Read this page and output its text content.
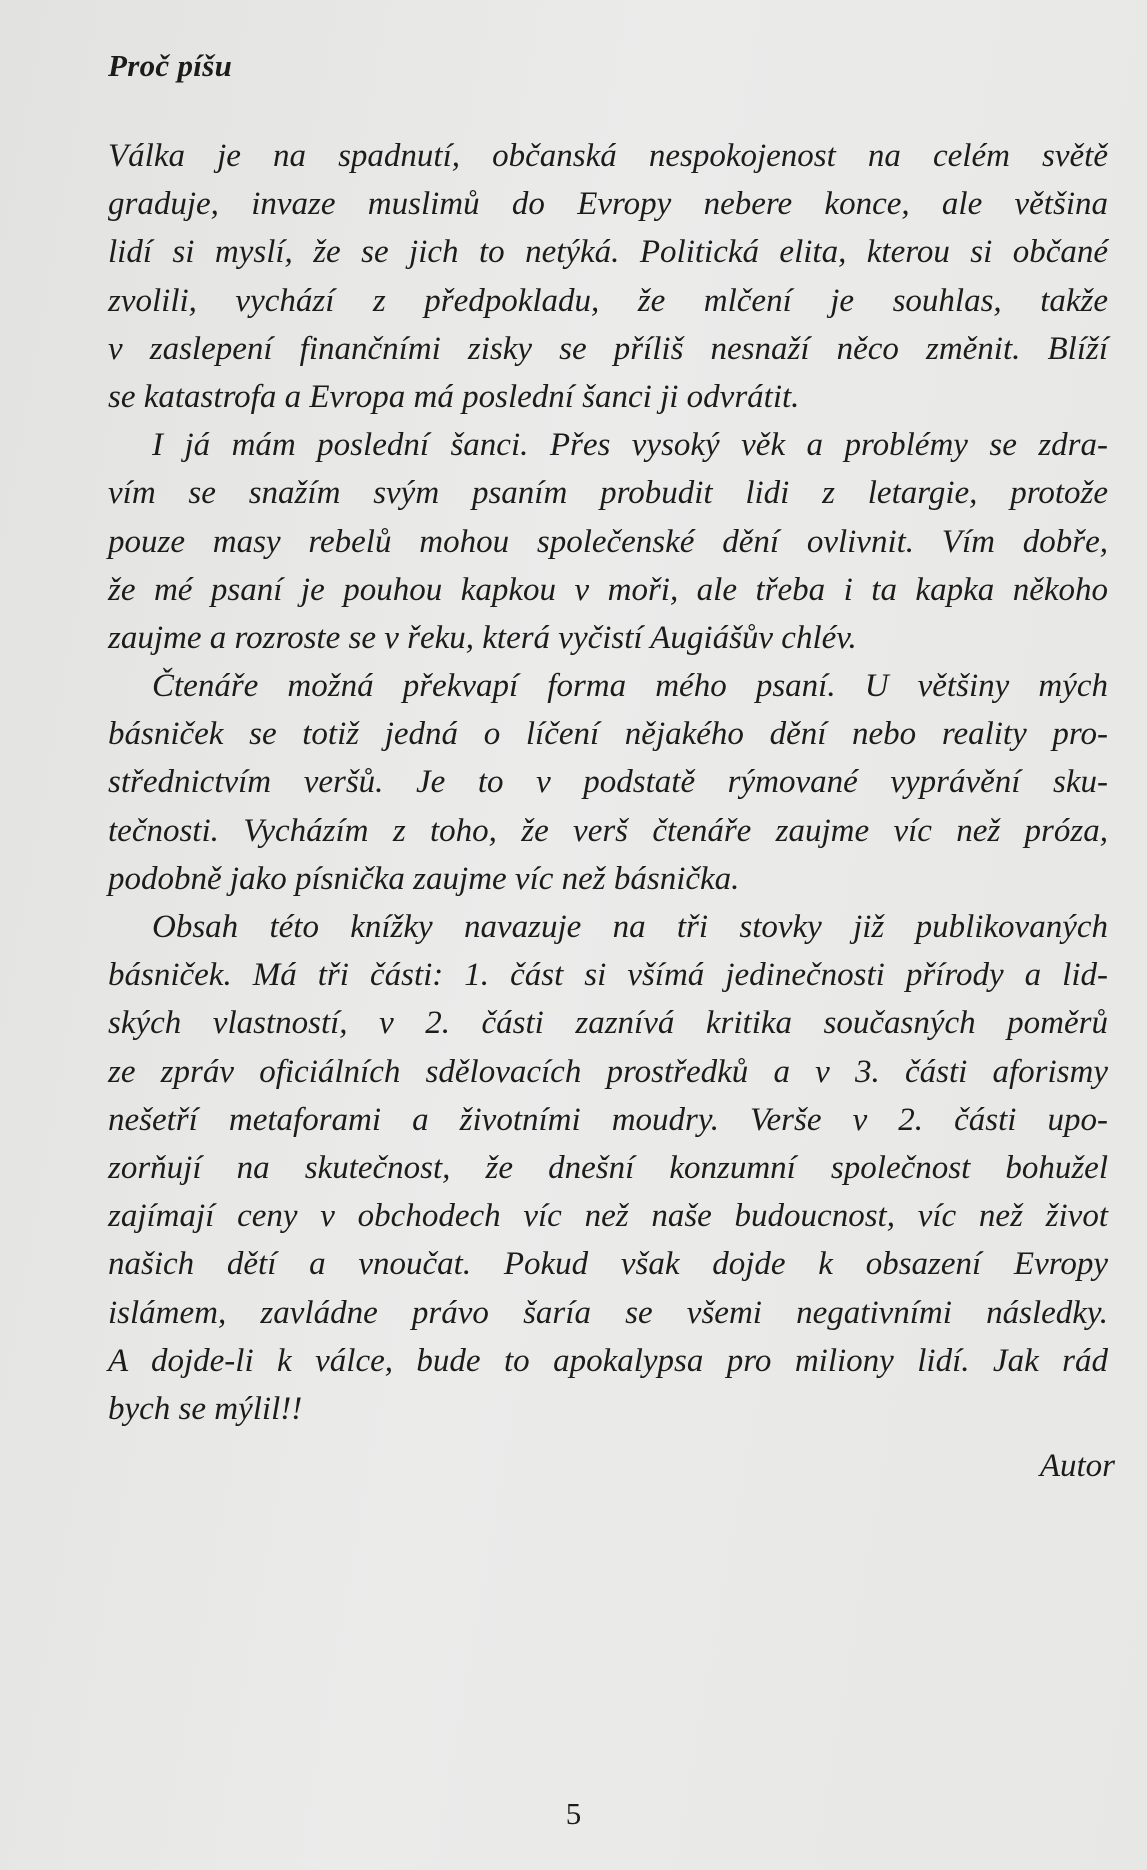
Proč píšu
Válka je na spadnutí, občanská nespokojenost na celém světě
graduje, invaze muslimů do Evropy nebere konce, ale většina
lidí si myslí, že se jich to netýká. Politická elita, kterou si občané
zvolili, vychází z předpokladu, že mlčení je souhlas, takže
v zaslepení finančními zisky se příliš nesnaží něco změnit. Blíží
se katastrofa a Evropa má poslední šanci ji odvrátit.
I já mám poslední šanci. Přes vysoký věk a problémy se zdra-
vím se snažím svým psaním probudit lidi z letargie, protože
pouze masy rebelů mohou společenské dění ovlivnit. Vím dobře,
že mé psaní je pouhou kapkou v moři, ale třeba i ta kapka někoho
zaujme a rozroste se v řeku, která vyčistí Augiášův chlév.
Čtenáře možná překvapí forma mého psaní. U většiny mých
básniček se totiž jedná o líčení nějakého dění nebo reality pro-
střednictvím veršů. Je to v podstatě rýmované vyprávění sku-
tečnosti. Vycházím z toho, že verš čtenáře zaujme víc než próza,
podobně jako písnička zaujme víc než básnička.
Obsah této knížky navazuje na tři stovky již publikovaných
básniček. Má tři části: 1. část si všímá jedinečnosti přírody a lid-
ských vlastností, v 2. části zaznívá kritika současných poměrů
ze zpráv oficiálních sdělovacích prostředků a v 3. části aforismy
nešetří metaforami a životními moudry. Verše v 2. části upo-
zorňují na skutečnost, že dnešní konzumní společnost bohužel
zajímají ceny v obchodech víc než naše budoucnost, víc než život
našich dětí a vnoučat. Pokud však dojde k obsazení Evropy
islámem, zavládne právo šaría se všemi negativními následky.
A dojde-li k válce, bude to apokalypsa pro miliony lidí. Jak rád
bych se mýlil!!
Autor
5
